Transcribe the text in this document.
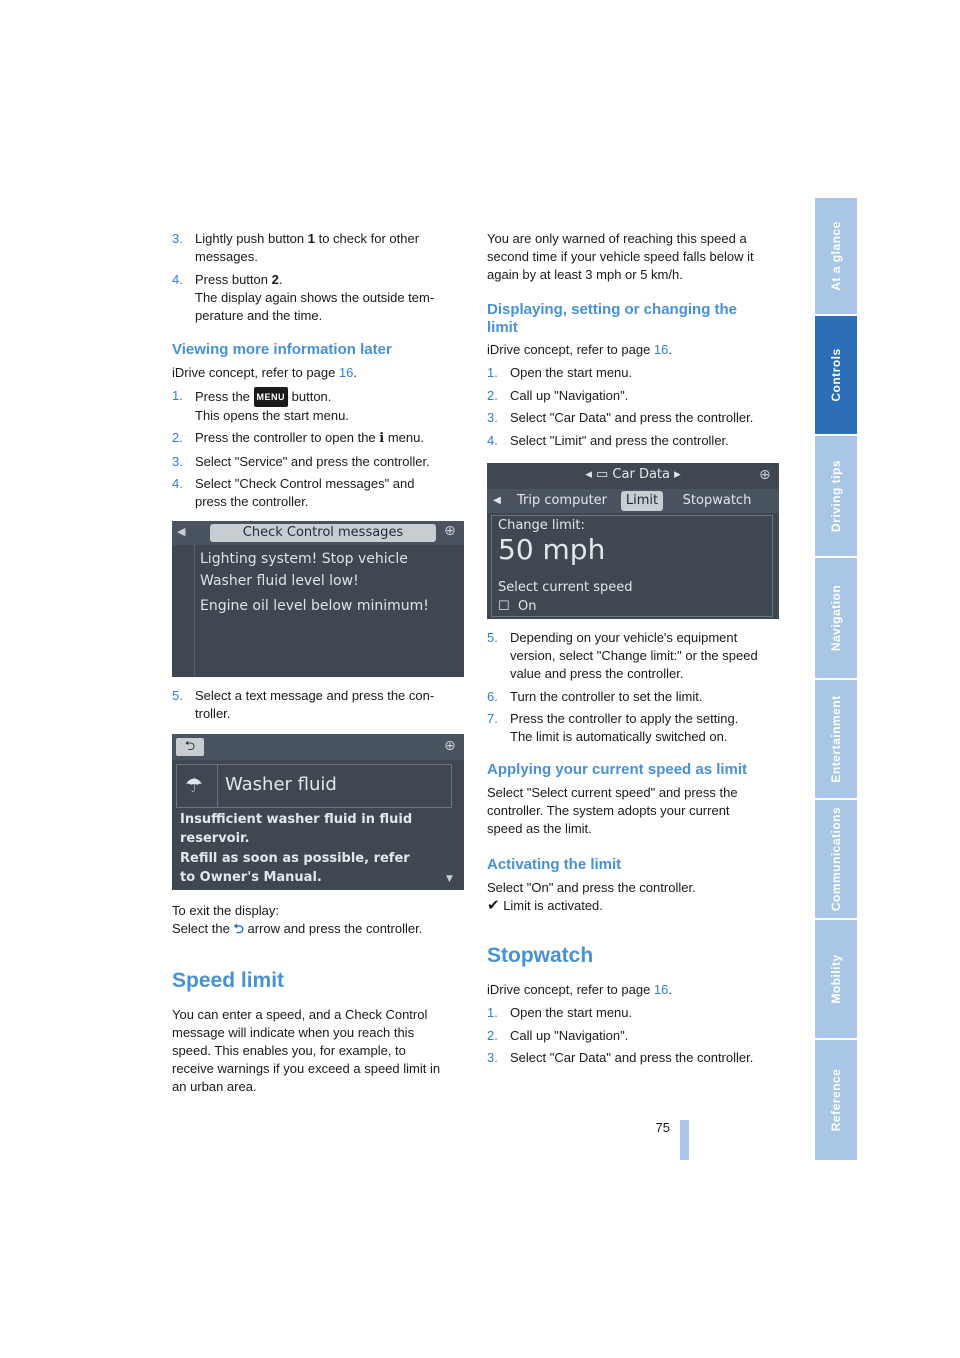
At a glance
Controls
Driving tips
Navigation
Entertainment
Communications
Mobility
Reference
3. Lightly push button 1 to check for other
messages.
4. Press button 2.
The display again shows the outside tem-
perature and the time.
Viewing more information later

iDrive concept, refer to page 16.

1. Press the MENU button.
This opens the start menu.
2. Press the controller to open the i menu.
3. Select "Service" and press the controller.
4. Select "Check Control messages" and
press the controller.
◀	Check Control messages	▶ ⊕
Lighting system! Stop vehicle
Washer fluid level low!
Engine oil level below minimum!
5. Select a text message and press the con-
troller.
⮌	⊕
☂ Washer fluid
Insufficient washer fluid in fluid
reservoir.
Refill as soon as possible, refer
to Owner's Manual.	▼

To exit the display:

Select the ⮌ arrow and press the controller.

Speed limit

You can enter a speed, and a Check Control

message will indicate when you reach this

speed. This enables you, for example, to

receive warnings if you exceed a speed limit in

an urban area.

You are only warned of reaching this speed a

second time if your vehicle speed falls below it

again by at least 3 mph or 5 km/h.

Displaying, setting or changing the
limit

iDrive concept, refer to page 16.

1. Open the start menu.
2. Call up "Navigation".
3. Select "Car Data" and press the controller.
4. Select "Limit" and press the controller.
◂ ▭ Car Data ▸	⊕
◀	Trip computer	Limit	Stopwatch
Change limit:
50 mph
Select current speed
☐ On
5. Depending on your vehicle's equipment
version, select "Change limit:" or the speed
value and press the controller.
6. Turn the controller to set the limit.
7. Press the controller to apply the setting.
The limit is automatically switched on.
Applying your current speed as limit

Select "Select current speed" and press the

controller. The system adopts your current

speed as the limit.

Activating the limit

Select "On" and press the controller.

✔ Limit is activated.

Stopwatch

iDrive concept, refer to page 16.

1. Open the start menu.
2. Call up "Navigation".
3. Select "Car Data" and press the controller.
75
